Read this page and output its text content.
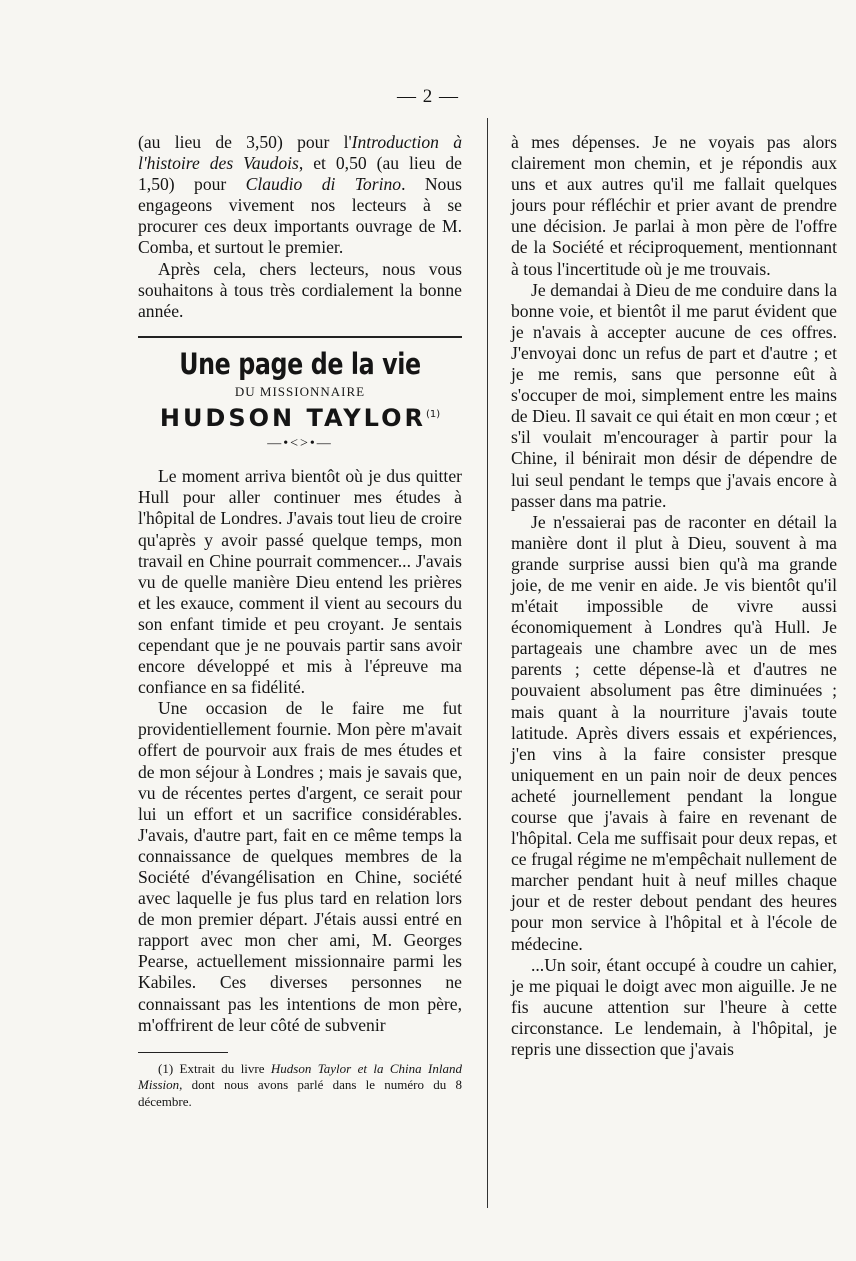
— 2 —

(au lieu de 3,50) pour l'Introduction à l'histoire des Vaudois, et 0,50 (au lieu de 1,50) pour Claudio di Torino. Nous engageons vivement nos lecteurs à se procurer ces deux importants ouvrage de M. Comba, et surtout le premier.

Après cela, chers lecteurs, nous vous souhaitons à tous très cordialement la bonne année.

Une page de la vie
DU MISSIONNAIRE
HUDSON TAYLOR$^{(1)}$
—•<>•—

Le moment arriva bientôt où je dus quitter Hull pour aller continuer mes études à l'hôpital de Londres. J'avais tout lieu de croire qu'après y avoir passé quelque temps, mon travail en Chine pourrait commencer... J'avais vu de quelle manière Dieu entend les prières et les exauce, comment il vient au secours du son enfant timide et peu croyant. Je sentais cependant que je ne pouvais partir sans avoir encore développé et mis à l'épreuve ma confiance en sa fidélité.

Une occasion de le faire me fut providentiellement fournie. Mon père m'avait offert de pourvoir aux frais de mes études et de mon séjour à Londres ; mais je savais que, vu de récentes pertes d'argent, ce serait pour lui un effort et un sacrifice considérables. J'avais, d'autre part, fait en ce même temps la connaissance de quelques membres de la Société d'évangélisation en Chine, société avec laquelle je fus plus tard en relation lors de mon premier départ. J'étais aussi entré en rapport avec mon cher ami, M. Georges Pearse, actuellement missionnaire parmi les Kabiles. Ces diverses personnes ne connaissant pas les intentions de mon père, m'offrirent de leur côté de subvenir

(1) Extrait du livre Hudson Taylor et la China Inland Mission, dont nous avons parlé dans le numéro du 8 décembre.

à mes dépenses. Je ne voyais pas alors clairement mon chemin, et je répondis aux uns et aux autres qu'il me fallait quelques jours pour réfléchir et prier avant de prendre une décision. Je parlai à mon père de l'offre de la Société et réciproquement, mentionnant à tous l'incertitude où je me trouvais.

Je demandai à Dieu de me conduire dans la bonne voie, et bientôt il me parut évident que je n'avais à accepter aucune de ces offres. J'envoyai donc un refus de part et d'autre ; et je me remis, sans que personne eût à s'occuper de moi, simplement entre les mains de Dieu. Il savait ce qui était en mon cœur ; et s'il voulait m'encourager à partir pour la Chine, il bénirait mon désir de dépendre de lui seul pendant le temps que j'avais encore à passer dans ma patrie.

Je n'essaierai pas de raconter en détail la manière dont il plut à Dieu, souvent à ma grande surprise aussi bien qu'à ma grande joie, de me venir en aide. Je vis bientôt qu'il m'était impossible de vivre aussi économiquement à Londres qu'à Hull. Je partageais une chambre avec un de mes parents ; cette dépense-là et d'autres ne pouvaient absolument pas être diminuées ; mais quant à la nourriture j'avais toute latitude. Après divers essais et expériences, j'en vins à la faire consister presque uniquement en un pain noir de deux pences acheté journellement pendant la longue course que j'avais à faire en revenant de l'hôpital. Cela me suffisait pour deux repas, et ce frugal régime ne m'empêchait nullement de marcher pendant huit à neuf milles chaque jour et de rester debout pendant des heures pour mon service à l'hôpital et à l'école de médecine.

...Un soir, étant occupé à coudre un cahier, je me piquai le doigt avec mon aiguille. Je ne fis aucune attention sur l'heure à cette circonstance. Le lendemain, à l'hôpital, je repris une dissection que j'avais
